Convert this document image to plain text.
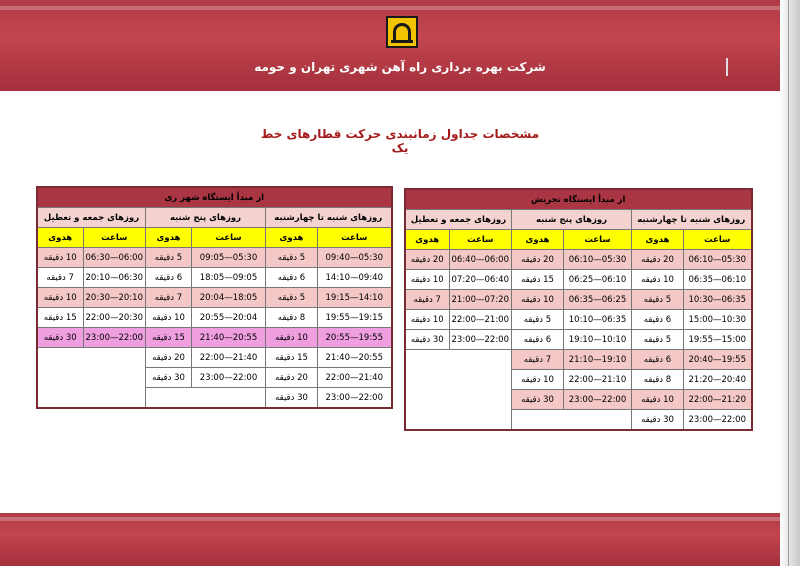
شرکت بهره برداری راه آهن شهری تهران و حومه
مشخصات جداول زمانبندی حرکت قطارهای خط یک
از مبدأ ایستگاه تجریش					
روزهای شنبه تا چهارشنبه		روزهای پنج شنبه		روزهای جمعه و تعطیل	
ساعت	هدوی	ساعت	هدوی	ساعت	هدوی
05:30—06:10	20 دقیقه	05:30—06:10	20 دقیقه	06:00—06:40	20 دقیقه
06:10—06:35	10 دقیقه	06:10—06:25	15 دقیقه	06:40—07:20	10 دقیقه
06:35—10:30	5 دقیقه	06:25—06:35	10 دقیقه	07:20—21:00	7 دقیقه
10:30—15:00	6 دقیقه	06:35—10:10	5 دقیقه	21:00—22:00	10 دقیقه
15:00—19:55	5 دقیقه	10:10—19:10	6 دقیقه	22:00—23:00	30 دقیقه
19:55—20:40	6 دقیقه	19:10—21:10	7 دقیقه		
20:40—21:20	8 دقیقه	21:10—22:00	10 دقیقه		
21:20—22:00	10 دقیقه	22:00—23:00	30 دقیقه		
22:00—23:00	30 دقیقه				
از مبدأ ایستگاه شهر ری					
روزهای شنبه تا چهارشنبه		روزهای پنج شنبه		روزهای جمعه و تعطیل	
ساعت	هدوی	ساعت	هدوی	ساعت	هدوی
05:30—09:40	5 دقیقه	05:30—09:05	5 دقیقه	06:00—06:30	10 دقیقه
09:40—14:10	6 دقیقه	09:05—18:05	6 دقیقه	06:30—20:10	7 دقیقه
14:10—19:15	5 دقیقه	18:05—20:04	7 دقیقه	20:10—20:30	10 دقیقه
19:15—19:55	8 دقیقه	20:04—20:55	10 دقیقه	20:30—22:00	15 دقیقه
19:55—20:55	10 دقیقه	20:55—21:40	15 دقیقه	22:00—23:00	30 دقیقه
20:55—21:40	15 دقیقه	21:40—22:00	20 دقیقه		
21:40—22:00	20 دقیقه	22:00—23:00	30 دقیقه		
22:00—23:00	30 دقیقه				
